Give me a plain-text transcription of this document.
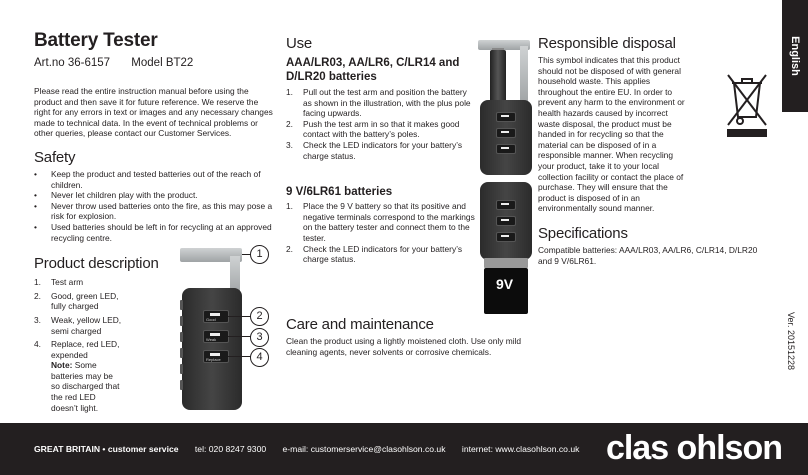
Battery Tester
Art.no 36-6157 Model BT22

Please read the entire instruction manual before using the product and then save it for future reference. We reserve the right for any errors in text or images and any necessary changes made to technical data. In the event of technical problems or other queries, please contact our Customer Services.

Safety
• Keep the product and tested batteries out of the reach of children.
• Never let children play with the product.
• Never throw used batteries onto the fire, as this may pose a risk for explosion.
• Used batteries should be left in for recycling at an approved recycling centre.
Product description
1. Test arm
2. Good, green LED, fully charged
3. Weak, yellow LED, semi charged
4. Replace, red LED, expended
Note: Some batteries may be so discharged that the red LED doesn’t light.
Good
Weak
Replace
1
2
3
4
Use
AAA/LR03, AA/LR6, C/LR14 and D/LR20 batteries
1. Pull out the test arm and position the battery as shown in the illustration, with the plus pole facing upwards.
2. Push the test arm in so that it makes good contact with the battery’s poles.
3. Check the LED indicators for your battery’s charge status.
9 V/6LR61 batteries
1. Place the 9 V battery so that its positive and negative terminals correspond to the markings on the battery tester and connect them to the tester.
2. Check the LED indicators for your battery’s charge status.
Care and maintenance

Clean the product using a lightly moistened cloth. Use only mild cleaning agents, never solvents or corrosive chemicals.

9V
Responsible disposal

This symbol indicates that this product should not be disposed of with general household waste. This applies throughout the entire EU. In order to prevent any harm to the environment or health hazards caused by incorrect waste disposal, the product must be handed in for recycling so that the material can be disposed of in a responsible manner. When recycling your product, take it to your local collection facility or contact the place of purchase. They will ensure that the product is disposed of in an environmentally sound manner.

Specifications

Compatible batteries: AAA/LR03, AA/LR6, C/LR14, D/LR20 and 9 V/6LR61.

English
Ver. 20151228
GREAT BRITAIN • customer service tel: 020 8247 9300 e-mail: customerservice@clasohlson.co.uk internet: www.clasohlson.co.uk clas ohlson
